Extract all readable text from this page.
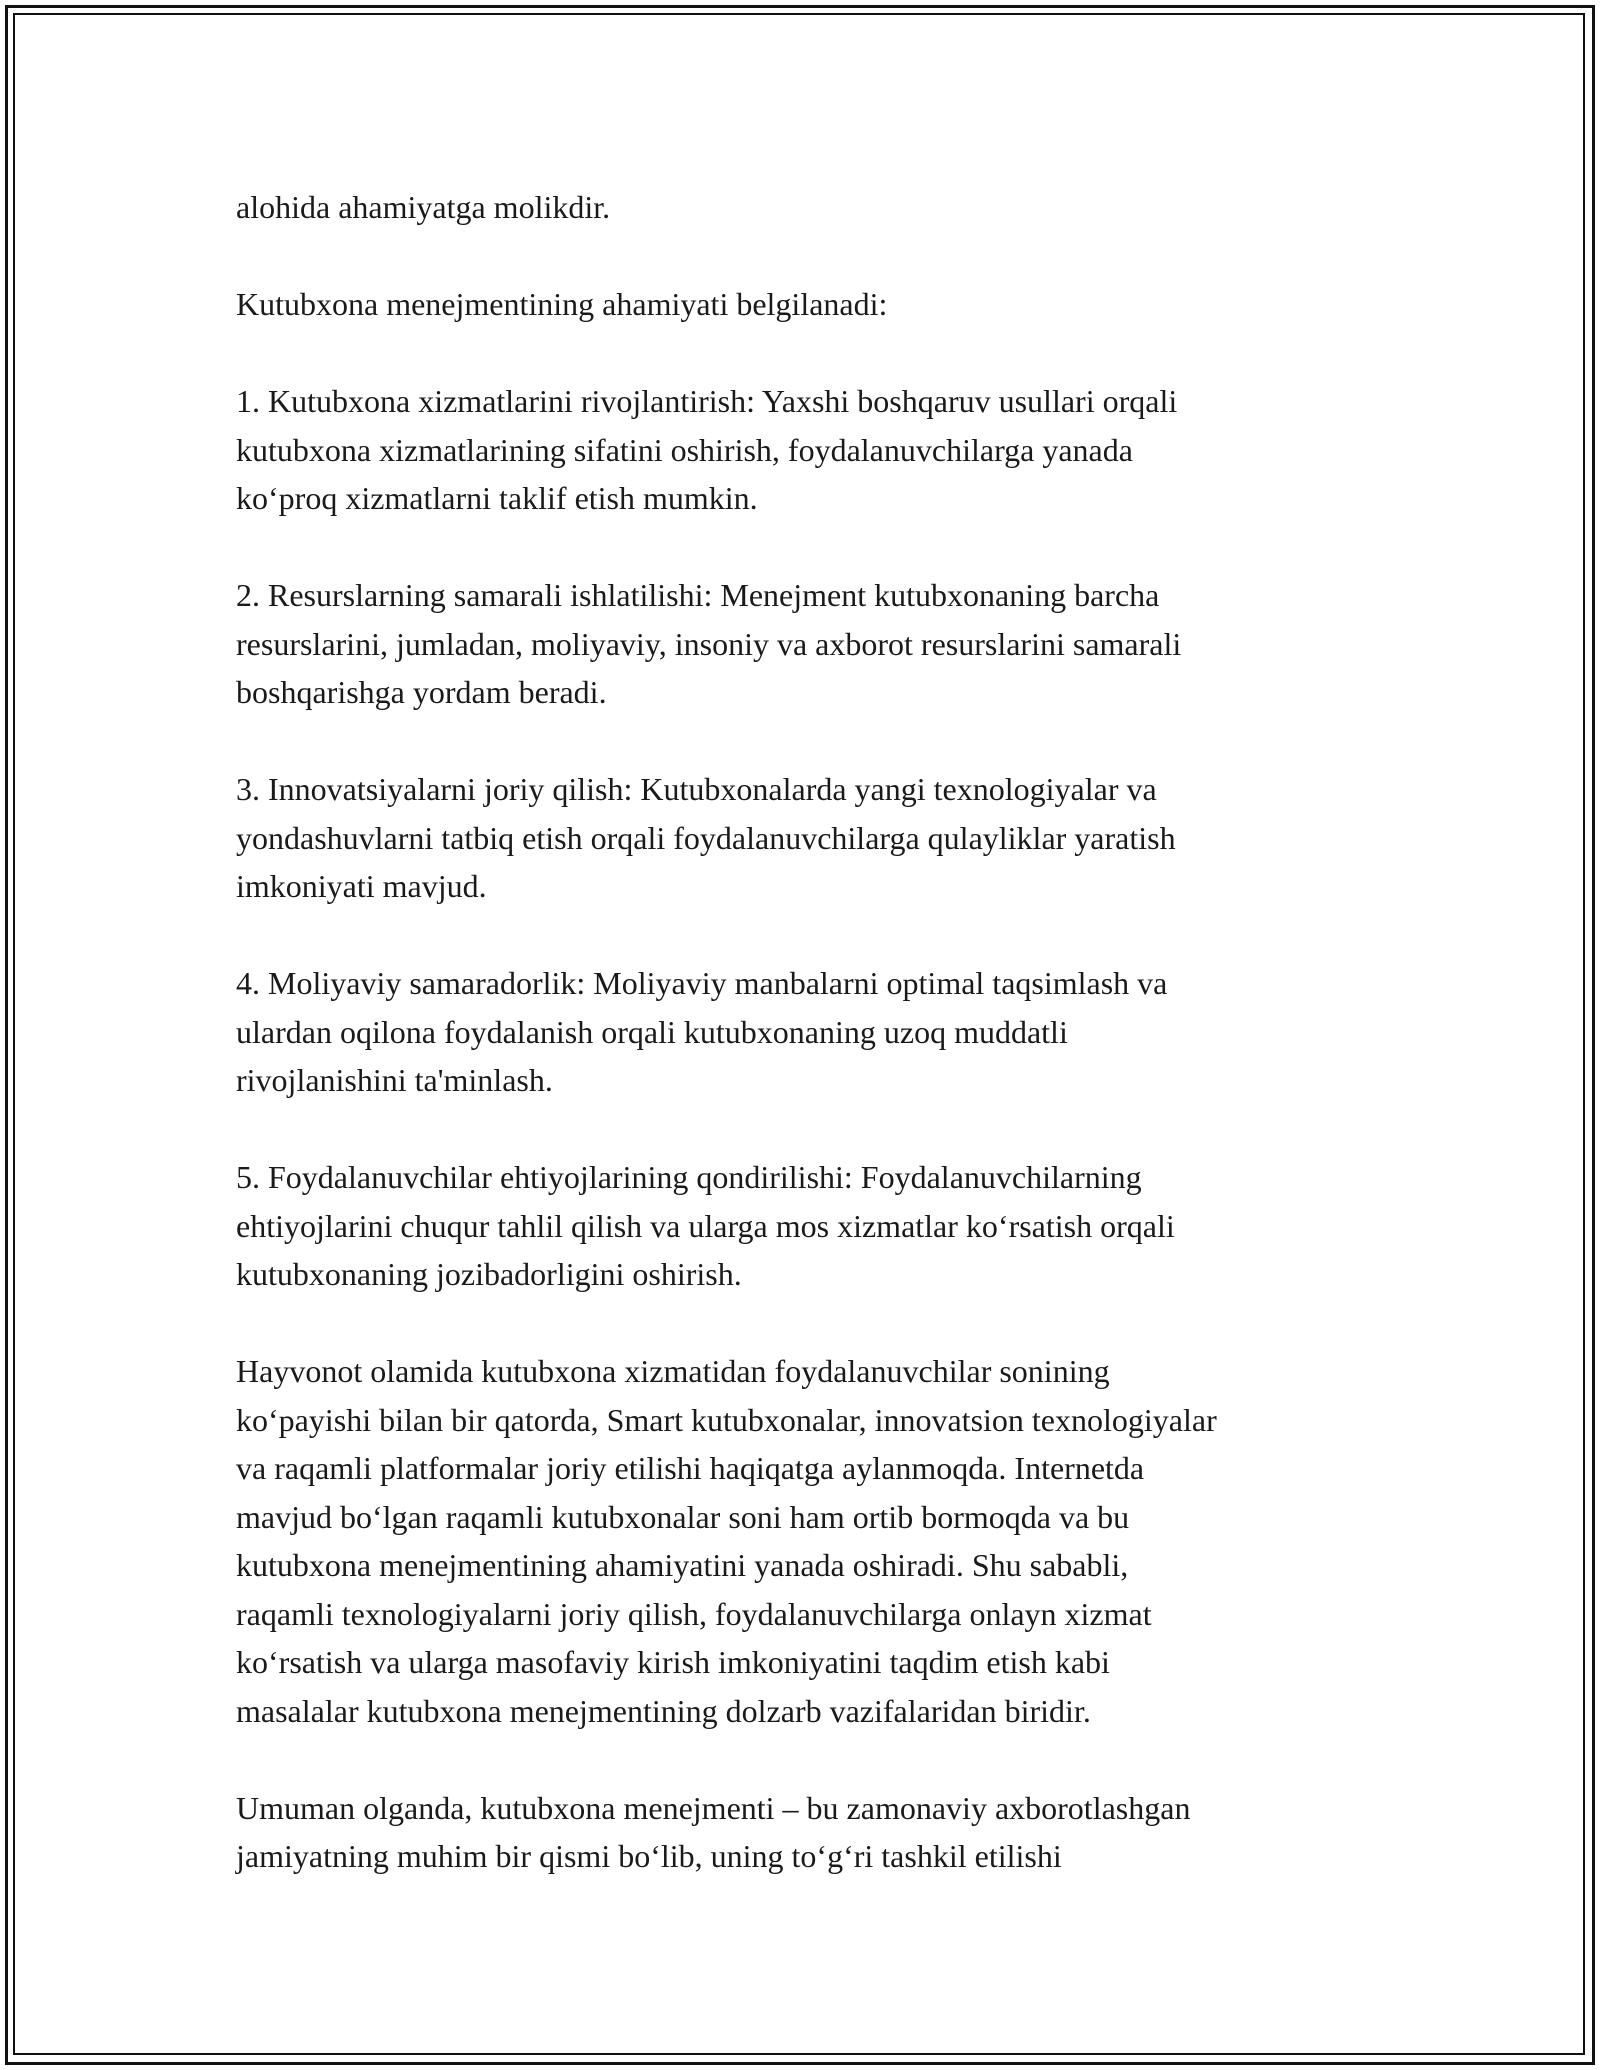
alohida ahamiyatga molikdir.

Kutubxona menejmentining ahamiyati belgilanadi:

1. Kutubxona xizmatlarini rivojlantirish: Yaxshi boshqaruv usullari orqali
kutubxona xizmatlarining sifatini oshirish, foydalanuvchilarga yanada
ko‘proq xizmatlarni taklif etish mumkin.

2. Resurslarning samarali ishlatilishi: Menejment kutubxonaning barcha
resurslarini, jumladan, moliyaviy, insoniy va axborot resurslarini samarali
boshqarishga yordam beradi.

3. Innovatsiyalarni joriy qilish: Kutubxonalarda yangi texnologiyalar va
yondashuvlarni tatbiq etish orqali foydalanuvchilarga qulayliklar yaratish
imkoniyati mavjud.

4. Moliyaviy samaradorlik: Moliyaviy manbalarni optimal taqsimlash va
ulardan oqilona foydalanish orqali kutubxonaning uzoq muddatli
rivojlanishini ta'minlash.

5. Foydalanuvchilar ehtiyojlarining qondirilishi: Foydalanuvchilarning
ehtiyojlarini chuqur tahlil qilish va ularga mos xizmatlar ko‘rsatish orqali
kutubxonaning jozibadorligini oshirish.

Hayvonot olamida kutubxona xizmatidan foydalanuvchilar sonining
ko‘payishi bilan bir qatorda, Smart kutubxonalar, innovatsion texnologiyalar
va raqamli platformalar joriy etilishi haqiqatga aylanmoqda. Internetda
mavjud bo‘lgan raqamli kutubxonalar soni ham ortib bormoqda va bu
kutubxona menejmentining ahamiyatini yanada oshiradi. Shu sababli,
raqamli texnologiyalarni joriy qilish, foydalanuvchilarga onlayn xizmat
ko‘rsatish va ularga masofaviy kirish imkoniyatini taqdim etish kabi
masalalar kutubxona menejmentining dolzarb vazifalaridan biridir.

Umuman olganda, kutubxona menejmenti – bu zamonaviy axborotlashgan
jamiyatning muhim bir qismi bo‘lib, uning to‘g‘ri tashkil etilishi
